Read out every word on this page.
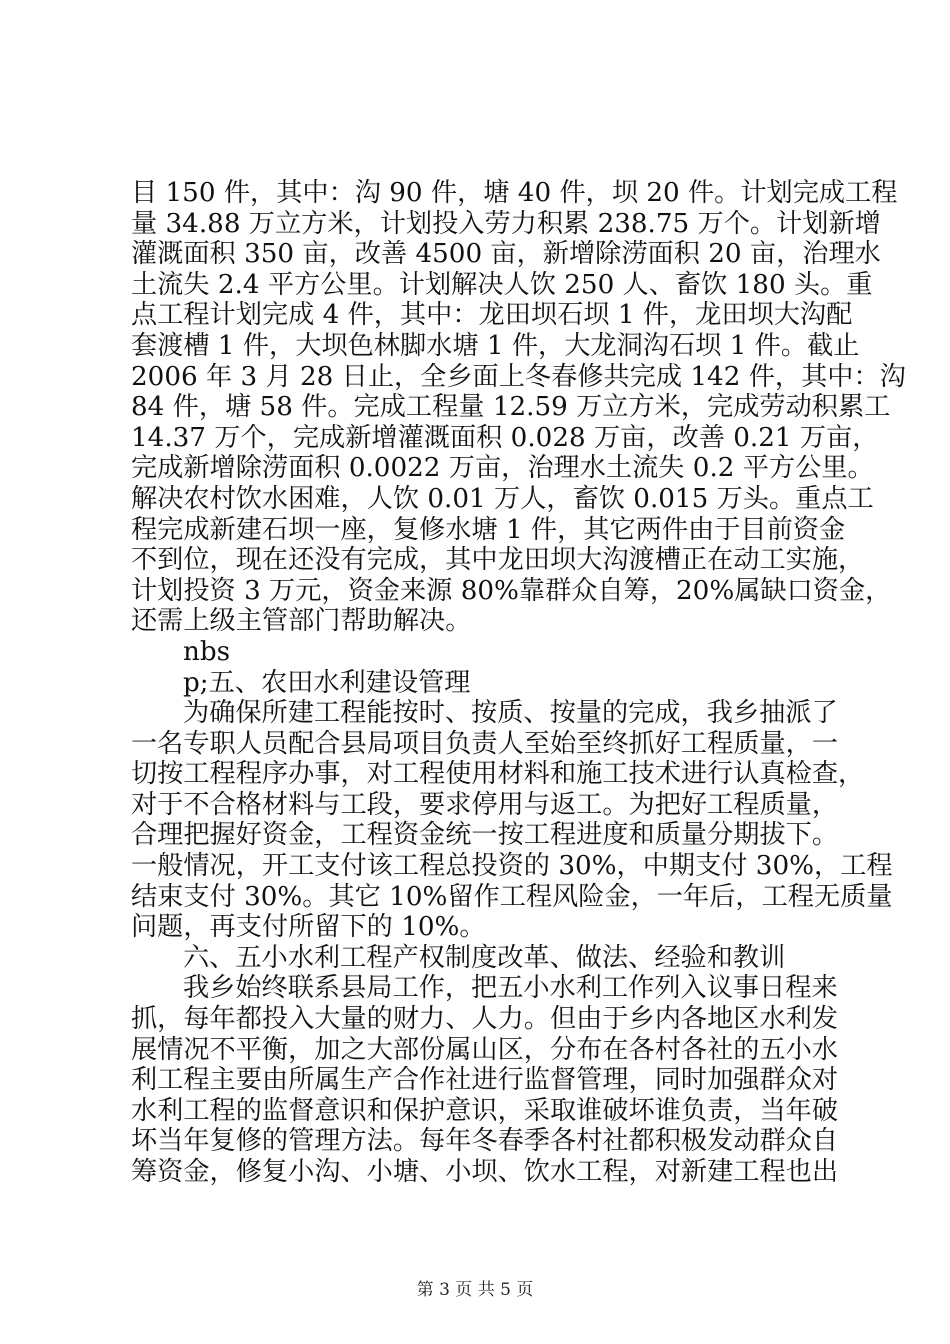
目 150 件，其中：沟 90 件，塘 40 件，坝 20 件。计划完成工程
量 34.88 万立方米，计划投入劳力积累 238.75 万个。计划新增
灌溉面积 350 亩，改善 4500 亩，新增除涝面积 20 亩，治理水
土流失 2.4 平方公里。计划解决人饮 250 人、畜饮 180 头。重
点工程计划完成 4 件，其中：龙田坝石坝 1 件，龙田坝大沟配
套渡槽 1 件，大坝色林脚水塘 1 件，大龙洞沟石坝 1 件。截止
2006 年 3 月 28 日止，全乡面上冬春修共完成 142 件，其中：沟
84 件，塘 58 件。完成工程量 12.59 万立方米，完成劳动积累工
14.37 万个，完成新增灌溉面积 0.028 万亩，改善 0.21 万亩，
完成新增除涝面积 0.0022 万亩，治理水土流失 0.2 平方公里。
解决农村饮水困难，人饮 0.01 万人，畜饮 0.015 万头。重点工
程完成新建石坝一座，复修水塘 1 件，其它两件由于目前资金
不到位，现在还没有完成，其中龙田坝大沟渡槽正在动工实施，
计划投资 3 万元，资金来源 80%靠群众自筹，20%属缺口资金，
还需上级主管部门帮助解决。
nbs
p;五、农田水利建设管理
为确保所建工程能按时、按质、按量的完成，我乡抽派了
一名专职人员配合县局项目负责人至始至终抓好工程质量，一
切按工程程序办事，对工程使用材料和施工技术进行认真检查，
对于不合格材料与工段，要求停用与返工。为把好工程质量，
合理把握好资金，工程资金统一按工程进度和质量分期拔下。
一般情况，开工支付该工程总投资的 30%，中期支付 30%，工程
结束支付 30%。其它 10%留作工程风险金，一年后，工程无质量
问题，再支付所留下的 10%。
六、五小水利工程产权制度改革、做法、经验和教训
我乡始终联系县局工作，把五小水利工作列入议事日程来
抓，每年都投入大量的财力、人力。但由于乡内各地区水利发
展情况不平衡，加之大部份属山区，分布在各村各社的五小水
利工程主要由所属生产合作社进行监督管理，同时加强群众对
水利工程的监督意识和保护意识，采取谁破坏谁负责，当年破
坏当年复修的管理方法。每年冬春季各村社都积极发动群众自
筹资金，修复小沟、小塘、小坝、饮水工程，对新建工程也出
第 3 页 共 5 页
